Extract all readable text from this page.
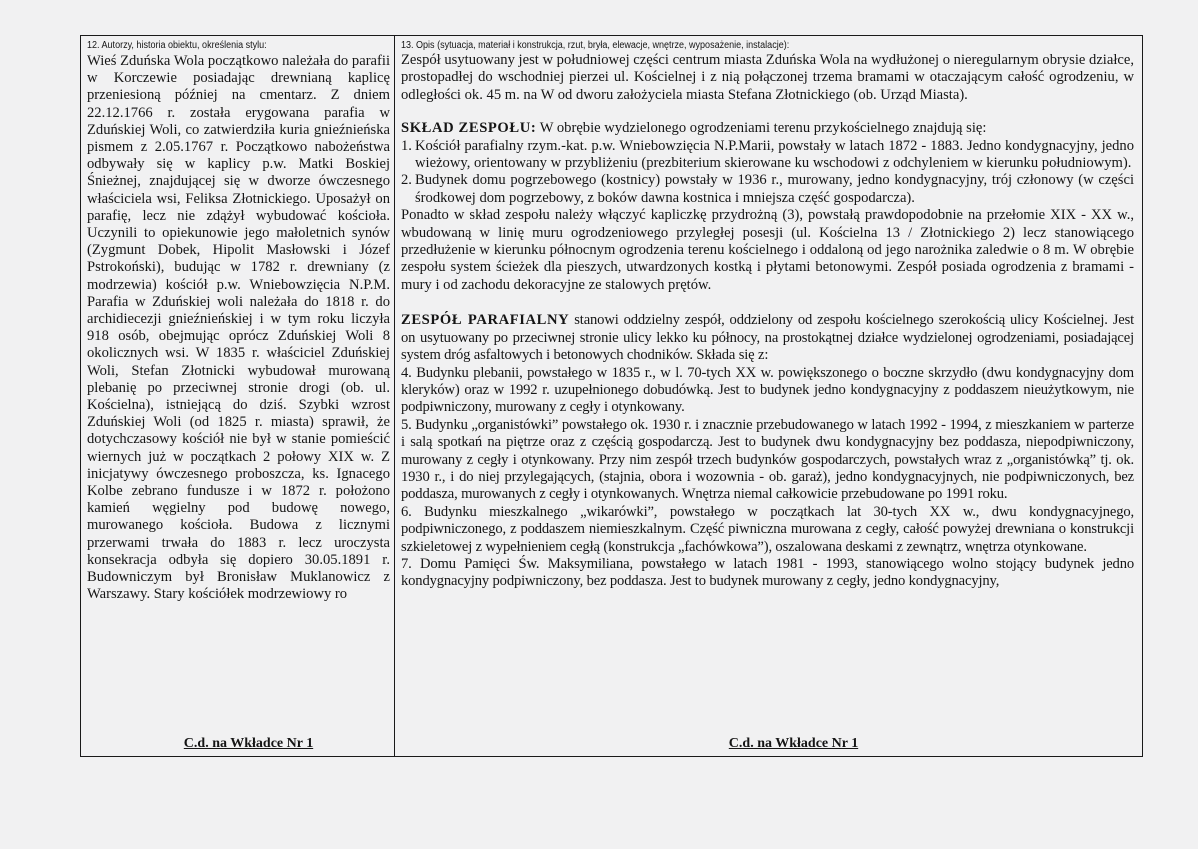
12. Autorzy, historia obiektu, określenia stylu:

Wieś Zduńska Wola początkowo należała do parafii w Korczewie posiadając drewnianą kaplicę przeniesioną później na cmentarz. Z dniem 22.12.1766 r. została erygowana parafia w Zduńskiej Woli, co zatwierdziła kuria gnieźnieńska pismem z 2.05.1767 r. Początkowo nabożeństwa odbywały się w kaplicy p.w. Matki Boskiej Śnieżnej, znajdującej się w dworze ówczesnego właściciela wsi, Feliksa Złotnickiego. Uposażył on parafię, lecz nie zdążył wybudować kościoła. Uczynili to opiekunowie jego małoletnich synów (Zygmunt Dobek, Hipolit Masłowski i Józef Pstrokoński), budując w 1782 r. drewniany (z modrzewia) kościół p.w. Wniebowzięcia N.P.M. Parafia w Zduńskiej woli należała do 1818 r. do archidiecezji gnieźnieńskiej i w tym roku liczyła 918 osób, obejmując oprócz Zduńskiej Woli 8 okolicznych wsi. W 1835 r. właściciel Zduńskiej Woli, Stefan Złotnicki wybudował murowaną plebanię po przeciwnej stronie drogi (ob. ul. Kościelna), istniejącą do dziś. Szybki wzrost Zduńskiej Woli (od 1825 r. miasta) sprawił, że dotychczasowy kościół nie był w stanie pomieścić wiernych już w początkach 2 połowy XIX w. Z inicjatywy ówczesnego proboszcza, ks. Ignacego Kolbe zebrano fundusze i w 1872 r. położono kamień węgielny pod budowę nowego, murowanego kościoła. Budowa z licznymi przerwami trwała do 1883 r. lecz uroczysta konsekracja odbyła się dopiero 30.05.1891 r. Budowniczym był Bronisław Muklanowicz z Warszawy. Stary kościółek modrzewiowy ro

C.d. na Wkładce Nr 1
13. Opis (sytuacja, materiał i konstrukcja, rzut, bryła, elewacje, wnętrze, wyposażenie, instalacje):

Zespół usytuowany jest w południowej części centrum miasta Zduńska Wola na wydłużonej o nieregularnym obrysie działce, prostopadłej do wschodniej pierzei ul. Kościelnej i z nią połączonej trzema bramami w otaczającym całość ogrodzeniu, w odległości ok. 45 m. na W od dworu założyciela miasta Stefana Złotnickiego (ob. Urząd Miasta).

SKŁAD ZESPOŁU: W obrębie wydzielonego ogrodzeniami terenu przykościelnego znajdują się:

1. Kościół parafialny rzym.-kat. p.w. Wniebowzięcia N.P.Marii, powstały w latach 1872 - 1883. Jedno kondygnacyjny, jedno wieżowy, orientowany w przybliżeniu (prezbiterium skierowane ku wschodowi z odchyleniem w kierunku południowym).
2. Budynek domu pogrzebowego (kostnicy) powstały w 1936 r., murowany, jedno kondygnacyjny, trój członowy (w części środkowej dom pogrzebowy, z boków dawna kostnica i mniejsza część gospodarcza).

Ponadto w skład zespołu należy włączyć kapliczkę przydrożną (3), powstałą prawdopodobnie na przełomie XIX - XX w., wbudowaną w linię muru ogrodzeniowego przyległej posesji (ul. Kościelna 13 / Złotnickiego 2) lecz stanowiącego przedłużenie w kierunku północnym ogrodzenia terenu kościelnego i oddaloną od jego narożnika zaledwie o 8 m. W obrębie zespołu system ścieżek dla pieszych, utwardzonych kostką i płytami betonowymi. Zespół posiada ogrodzenia z bramami - mury i od zachodu dekoracyjne ze stalowych prętów.

ZESPÓŁ PARAFIALNY stanowi oddzielny zespół, oddzielony od zespołu kościelnego szerokością ulicy Kościelnej. Jest on usytuowany po przeciwnej stronie ulicy lekko ku północy, na prostokątnej działce wydzielonej ogrodzeniami, posiadającej system dróg asfaltowych i betonowych chodników. Składa się z:

4. Budynku plebanii, powstałego w 1835 r., w l. 70-tych XX w. powiększonego o boczne skrzydło (dwu kondygnacyjny dom kleryków) oraz w 1992 r. uzupełnionego dobudówką. Jest to budynek jedno kondygnacyjny z poddaszem nieużytkowym, nie podpiwniczony, murowany z cegły i otynkowany.

5. Budynku „organistówki” powstałego ok. 1930 r. i znacznie przebudowanego w latach 1992 - 1994, z mieszkaniem w parterze i salą spotkań na piętrze oraz z częścią gospodarczą. Jest to budynek dwu kondygnacyjny bez poddasza, niepodpiwniczony, murowany z cegły i otynkowany. Przy nim zespół trzech budynków gospodarczych, powstałych wraz z „organistówką” tj. ok. 1930 r., i do niej przylegających, (stajnia, obora i wozownia - ob. garaż), jedno kondygnacyjnych, nie podpiwniczonych, bez poddasza, murowanych z cegły i otynkowanych. Wnętrza niemal całkowicie przebudowane po 1991 roku.

6. Budynku mieszkalnego „wikarówki”, powstałego w początkach lat 30-tych XX w., dwu kondygnacyjnego, podpiwniczonego, z poddaszem niemieszkalnym. Część piwniczna murowana z cegły, całość powyżej drewniana o konstrukcji szkieletowej z wypełnieniem cegłą (konstrukcja „fachówkowa”), oszalowana deskami z zewnątrz, wnętrza otynkowane.

7. Domu Pamięci Św. Maksymiliana, powstałego w latach 1981 - 1993, stanowiącego wolno stojący budynek jedno kondygnacyjny podpiwniczony, bez poddasza. Jest to budynek murowany z cegły, jedno kondygnacyjny,

C.d. na Wkładce Nr 1
